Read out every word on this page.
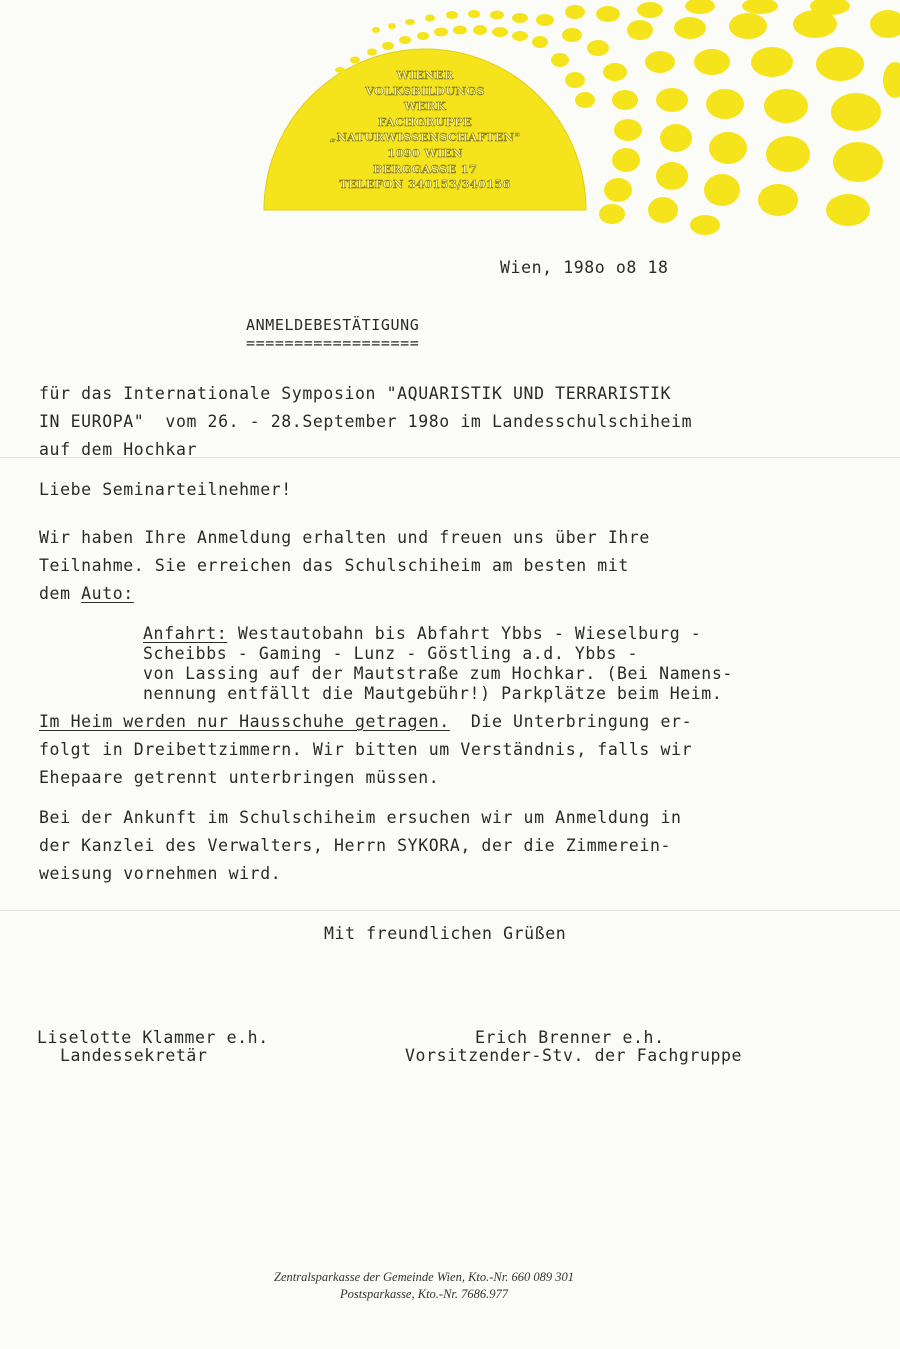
WIENER
VOLKSBILDUNGS
WERK
FACHGRUPPE
„NATURWISSENSCHAFTEN"
1090 WIEN
BERGGASSE 17
TELEFON 340153/340156
Wien, 198o o8 18
ANMELDEBESTÄTIGUNG
==================
für das Internationale Symposion "AQUARISTIK UND TERRARISTIK
IN EUROPA"  vom 26. - 28.September 198o im Landesschulschiheim
auf dem Hochkar
Liebe Seminarteilnehmer!
Wir haben Ihre Anmeldung erhalten und freuen uns über Ihre
Teilnahme. Sie erreichen das Schulschiheim am besten mit
dem Auto:
Anfahrt: Westautobahn bis Abfahrt Ybbs - Wieselburg -
Scheibbs - Gaming - Lunz - Göstling a.d. Ybbs -
von Lassing auf der Mautstraße zum Hochkar. (Bei Namens-
nennung entfällt die Mautgebühr!) Parkplätze beim Heim.
Im Heim werden nur Hausschuhe getragen.  Die Unterbringung er-
folgt in Dreibettzimmern. Wir bitten um Verständnis, falls wir
Ehepaare getrennt unterbringen müssen.
Bei der Ankunft im Schulschiheim ersuchen wir um Anmeldung in
der Kanzlei des Verwalters, Herrn SYKORA, der die Zimmerein-
weisung vornehmen wird.
Mit freundlichen Grüßen
Liselotte Klammer e.h.
Landessekretär
Erich Brenner e.h.
Vorsitzender-Stv. der Fachgruppe
Zentralsparkasse der Gemeinde Wien, Kto.-Nr. 660 089 301
Postsparkasse, Kto.-Nr. 7686.977
